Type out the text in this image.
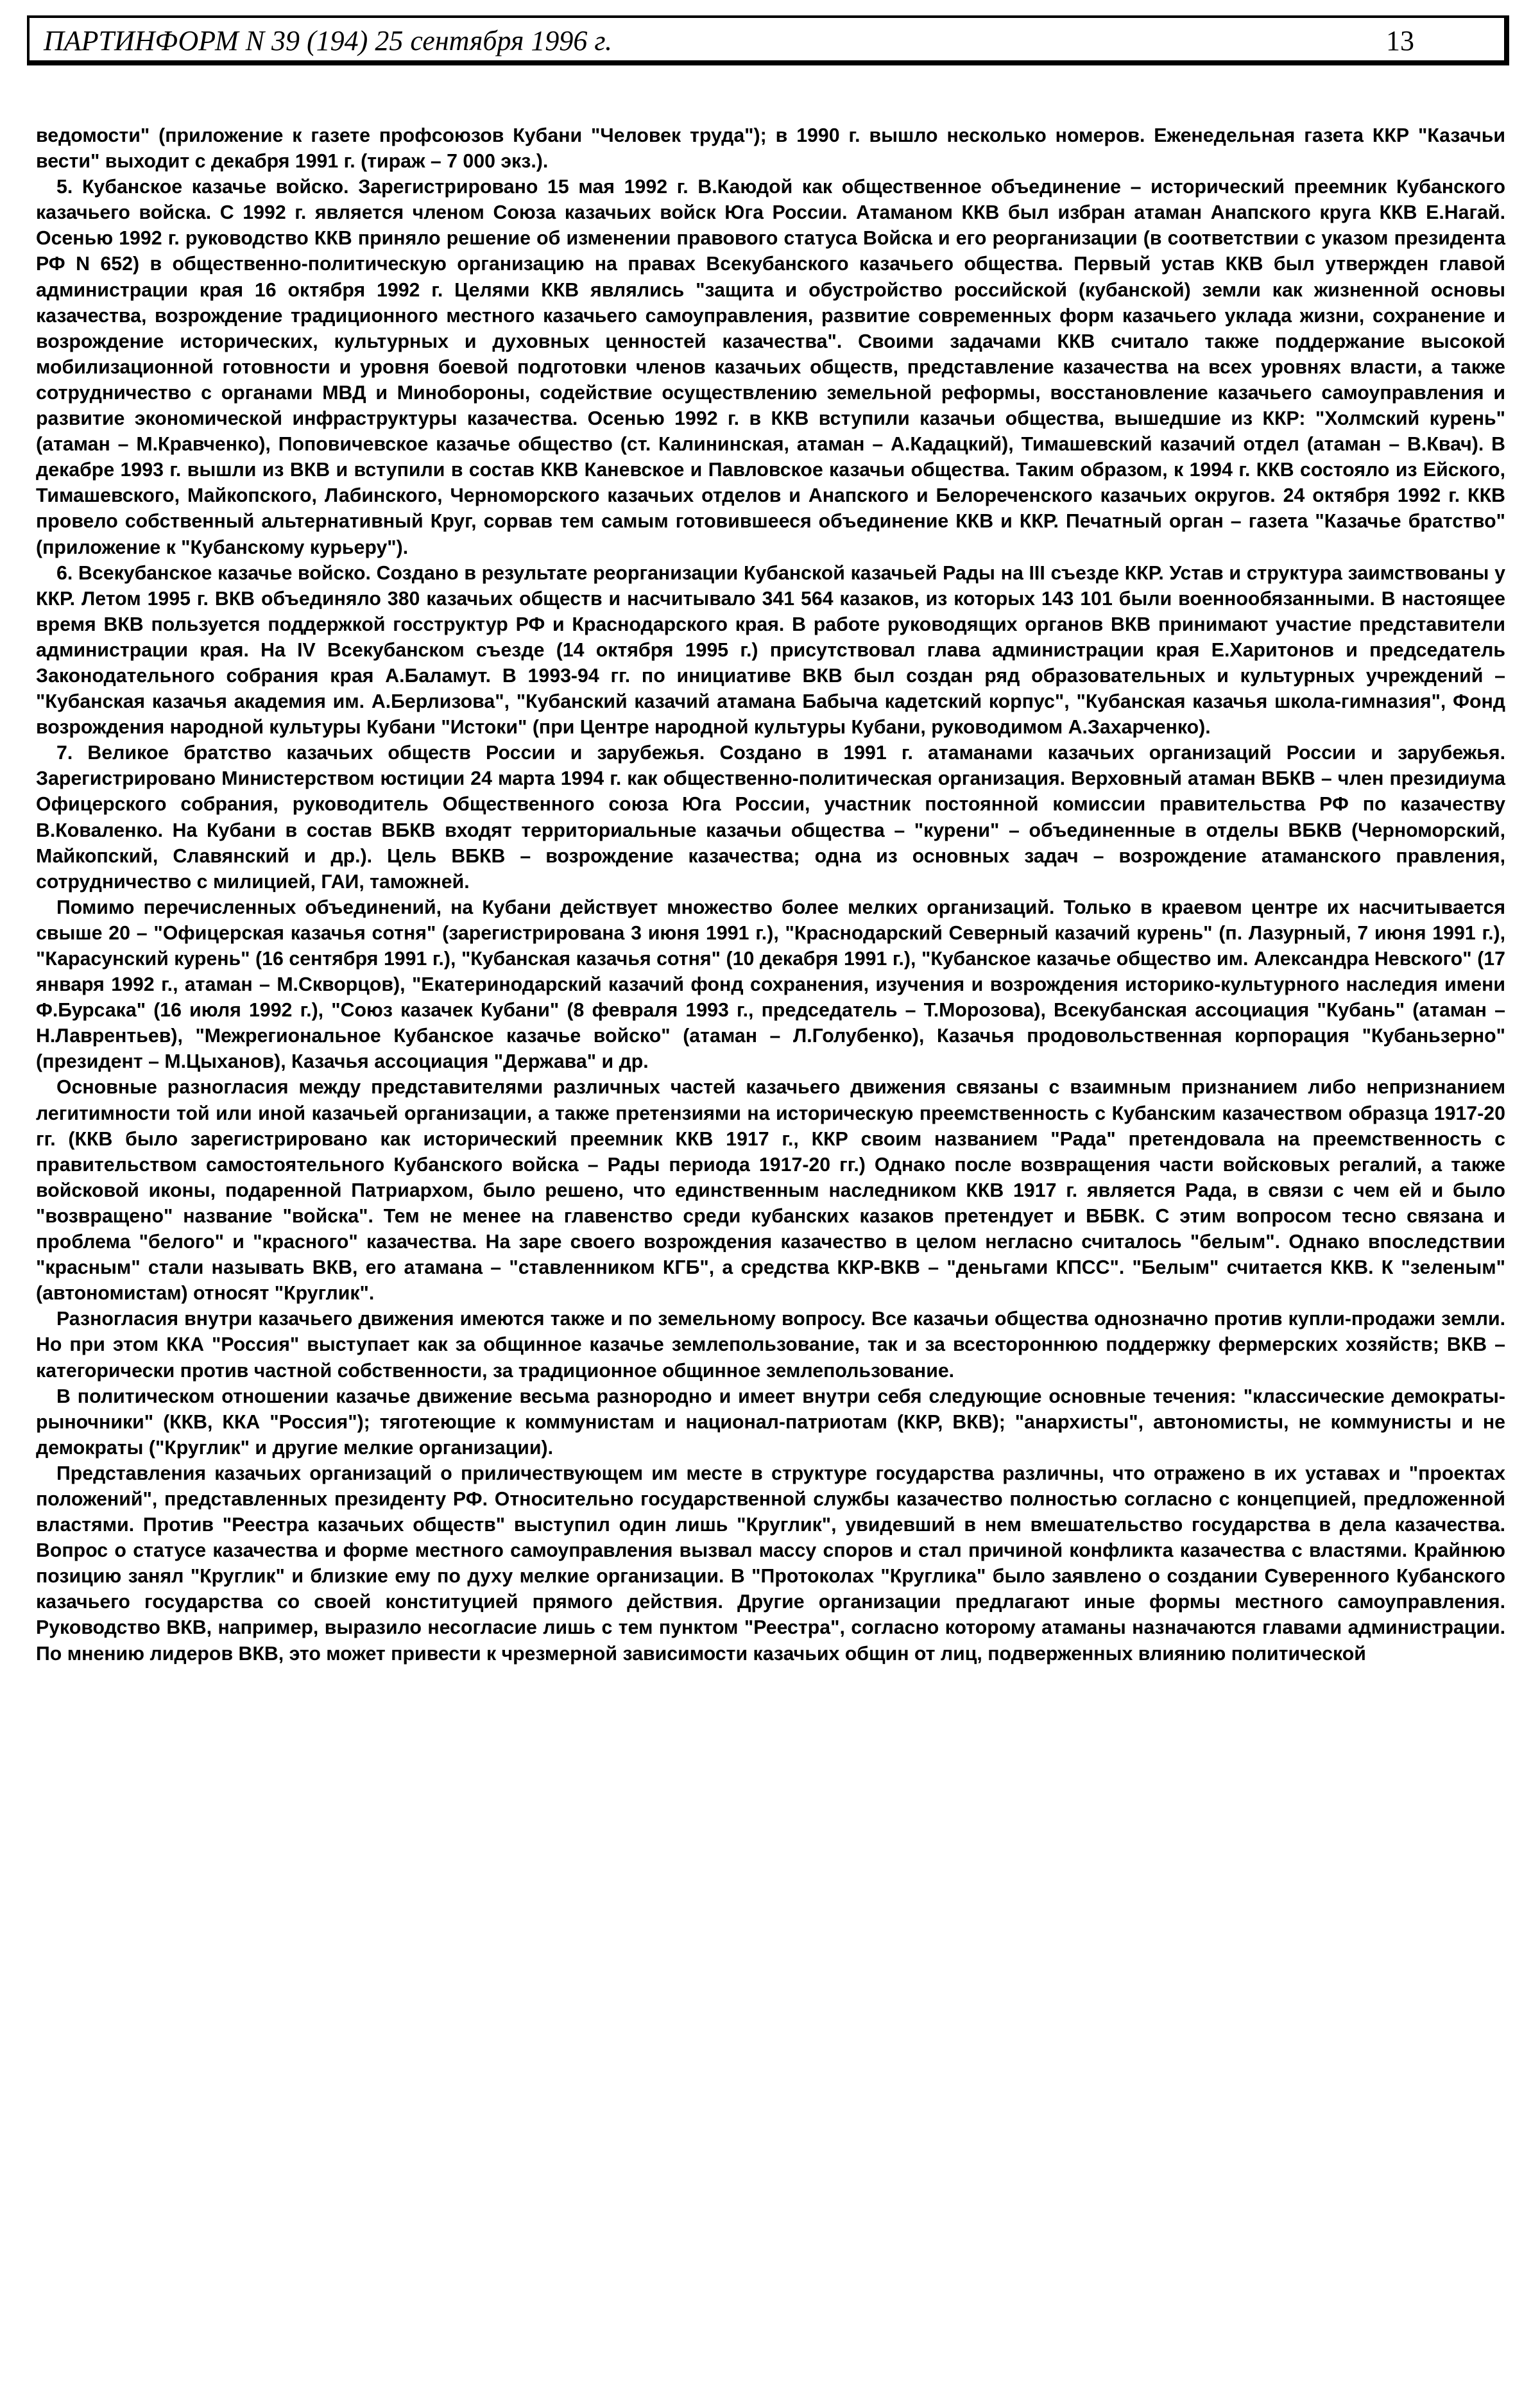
ПАРТИНФОРМ N 39 (194) 25 сентября 1996 г.	13

ведомости" (приложение к газете профсоюзов Кубани "Человек труда"); в 1990 г. вышло несколько номеров. Еженедельная газета ККР "Казачьи вести" выходит с декабря 1991 г. (тираж – 7 000 экз.).

5. Кубанское казачье войско. Зарегистрировано 15 мая 1992 г. В.Каюдой как общественное объединение – исторический преемник Кубанского казачьего войска. С 1992 г. является членом Союза казачьих войск Юга России. Атаманом ККВ был избран атаман Анапского круга ККВ Е.Нагай. Осенью 1992 г. руководство ККВ приняло решение об изменении правового статуса Войска и его реорганизации (в соответствии с указом президента РФ N 652) в общественно-политическую организацию на правах Всекубанского казачьего общества. Первый устав ККВ был утвержден главой администрации края 16 октября 1992 г. Целями ККВ являлись "защита и обустройство российской (кубанской) земли как жизненной основы казачества, возрождение традиционного местного казачьего самоуправления, развитие современных форм казачьего уклада жизни, сохранение и возрождение исторических, культурных и духовных ценностей казачества". Своими задачами ККВ считало также поддержание высокой мобилизационной готовности и уровня боевой подготовки членов казачьих обществ, представление казачества на всех уровнях власти, а также сотрудничество с органами МВД и Минобороны, содействие осуществлению земельной реформы, восстановление казачьего самоуправления и развитие экономической инфраструктуры казачества. Осенью 1992 г. в ККВ вступили казачьи общества, вышедшие из ККР: "Холмский курень" (атаман – М.Кравченко), Поповичевское казачье общество (ст. Калининская, атаман – А.Кадацкий), Тимашевский казачий отдел (атаман – В.Квач). В декабре 1993 г. вышли из ВКВ и вступили в состав ККВ Каневское и Павловское казачьи общества. Таким образом, к 1994 г. ККВ состояло из Ейского, Тимашевского, Майкопского, Лабинского, Черноморского казачьих отделов и Анапского и Белореченского казачьих округов. 24 октября 1992 г. ККВ провело собственный альтернативный Круг, сорвав тем самым готовившееся объединение ККВ и ККР. Печатный орган – газета "Казачье братство" (приложение к "Кубанскому курьеру").

6. Всекубанское казачье войско. Создано в результате реорганизации Кубанской казачьей Рады на III съезде ККР. Устав и структура заимствованы у ККР. Летом 1995 г. ВКВ объединяло 380 казачьих обществ и насчитывало 341 564 казаков, из которых 143 101 были военнообязанными. В настоящее время ВКВ пользуется поддержкой госструктур РФ и Краснодарского края. В работе руководящих органов ВКВ принимают участие представители администрации края. На IV Всекубанском съезде (14 октября 1995 г.) присутствовал глава администрации края Е.Харитонов и председатель Законодательного собрания края А.Баламут. В 1993-94 гг. по инициативе ВКВ был создан ряд образовательных и культурных учреждений – "Кубанская казачья академия им. А.Берлизова", "Кубанский казачий атамана Бабыча кадетский корпус", "Кубанская казачья школа-гимназия", Фонд возрождения народной культуры Кубани "Истоки" (при Центре народной культуры Кубани, руководимом А.Захарченко).

7. Великое братство казачьих обществ России и зарубежья. Создано в 1991 г. атаманами казачьих организаций России и зарубежья. Зарегистрировано Министерством юстиции 24 марта 1994 г. как общественно-политическая организация. Верховный атаман ВБКВ – член президиума Офицерского собрания, руководитель Общественного союза Юга России, участник постоянной комиссии правительства РФ по казачеству В.Коваленко. На Кубани в состав ВБКВ входят территориальные казачьи общества – "курени" – объединенные в отделы ВБКВ (Черноморский, Майкопский, Славянский и др.). Цель ВБКВ – возрождение казачества; одна из основных задач – возрождение атаманского правления, сотрудничество с милицией, ГАИ, таможней.

Помимо перечисленных объединений, на Кубани действует множество более мелких организаций. Только в краевом центре их насчитывается свыше 20 – "Офицерская казачья сотня" (зарегистрирована 3 июня 1991 г.), "Краснодарский Северный казачий курень" (п. Лазурный, 7 июня 1991 г.), "Карасунский курень" (16 сентября 1991 г.), "Кубанская казачья сотня" (10 декабря 1991 г.), "Кубанское казачье общество им. Александра Невского" (17 января 1992 г., атаман – М.Скворцов), "Екатеринодарский казачий фонд сохранения, изучения и возрождения историко-культурного наследия имени Ф.Бурсака" (16 июля 1992 г.), "Союз казачек Кубани" (8 февраля 1993 г., председатель – Т.Морозова), Всекубанская ассоциация "Кубань" (атаман – Н.Лаврентьев), "Межрегиональное Кубанское казачье войско" (атаман – Л.Голубенко), Казачья продовольственная корпорация "Кубаньзерно" (президент – М.Цыханов), Казачья ассоциация "Держава" и др.

Основные разногласия между представителями различных частей казачьего движения связаны с взаимным признанием либо непризнанием легитимности той или иной казачьей организации, а также претензиями на историческую преемственность с Кубанским казачеством образца 1917-20 гг. (ККВ было зарегистрировано как исторический преемник ККВ 1917 г., ККР своим названием "Рада" претендовала на преемственность с правительством самостоятельного Кубанского войска – Рады периода 1917-20 гг.) Однако после возвращения части войсковых регалий, а также войсковой иконы, подаренной Патриархом, было решено, что единственным наследником ККВ 1917 г. является Рада, в связи с чем ей и было "возвращено" название "войска". Тем не менее на главенство среди кубанских казаков претендует и ВБВК. С этим вопросом тесно связана и проблема "белого" и "красного" казачества. На заре своего возрождения казачество в целом негласно считалось "белым". Однако впоследствии "красным" стали называть ВКВ, его атамана – "ставленником КГБ", а средства ККР-ВКВ – "деньгами КПСС". "Белым" считается ККВ. К "зеленым" (автономистам) относят "Круглик".

Разногласия внутри казачьего движения имеются также и по земельному вопросу. Все казачьи общества однозначно против купли-продажи земли. Но при этом ККА "Россия" выступает как за общинное казачье землепользование, так и за всестороннюю поддержку фермерских хозяйств; ВКВ – категорически против частной собственности, за традиционное общинное землепользование.

В политическом отношении казачье движение весьма разнородно и имеет внутри себя следующие основные течения: "классические демократы-рыночники" (ККВ, ККА "Россия"); тяготеющие к коммунистам и национал-патриотам (ККР, ВКВ); "анархисты", автономисты, не коммунисты и не демократы ("Круглик" и другие мелкие организации).

Представления казачьих организаций о приличествующем им месте в структуре государства различны, что отражено в их уставах и "проектах положений", представленных президенту РФ. Относительно государственной службы казачество полностью согласно с концепцией, предложенной властями. Против "Реестра казачьих обществ" выступил один лишь "Круглик", увидевший в нем вмешательство государства в дела казачества. Вопрос о статусе казачества и форме местного самоуправления вызвал массу споров и стал причиной конфликта казачества с властями. Крайнюю позицию занял "Круглик" и близкие ему по духу мелкие организации. В "Протоколах "Круглика" было заявлено о создании Суверенного Кубанского казачьего государства со своей конституцией прямого действия. Другие организации предлагают иные формы местного самоуправления. Руководство ВКВ, например, выразило несогласие лишь с тем пунктом "Реестра", согласно которому атаманы назначаются главами администрации. По мнению лидеров ВКВ, это может привести к чрезмерной зависимости казачьих общин от лиц, подверженных влиянию политической
